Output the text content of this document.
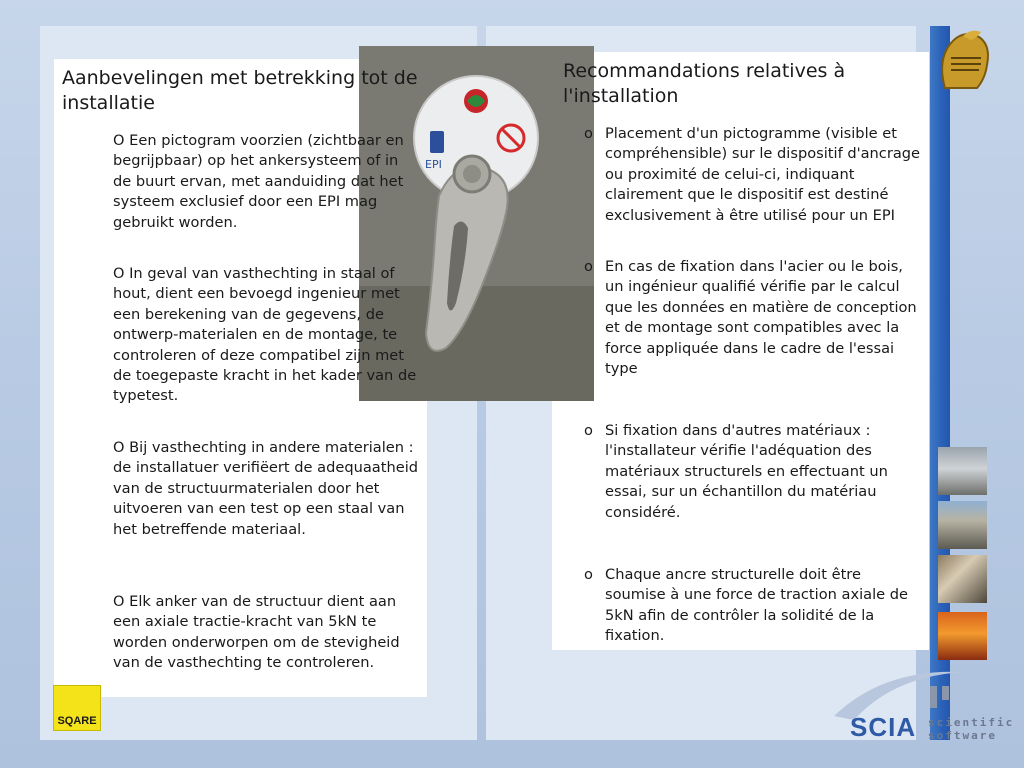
EPI
Aanbevelingen met betrekking tot de installatie

O Een pictogram voorzien (zichtbaar en begrijpbaar) op het ankersysteem of in de buurt ervan, met aanduiding dat het systeem exclusief door een EPI mag gebruikt worden.

O In geval van vasthechting in staal of hout, dient een bevoegd ingenieur met een berekening van de gegevens, de ontwerp-materialen en de montage, te controleren of deze compatibel zijn met de toegepaste kracht in het kader van de typetest.

O Bij vasthechting in andere materialen : de installatuer verifiëert de adequaatheid van de structuurmaterialen door het uitvoeren van een test op een staal van het betreffende materiaal.

O Elk anker van de structuur dient aan een axiale tractie-kracht van 5kN te worden onderworpen om de stevigheid van de vasthechting te controleren.

Recommandations relatives à l'installation
o Placement d'un pictogramme (visible et compréhensible) sur le dispositif d'ancrage ou proximité de celui-ci, indiquant clairement que le dispositif est destiné exclusivement à être utilisé pour un EPI
o En cas de fixation dans l'acier ou le bois, un ingénieur qualifié vérifie par le calcul que les données en matière de conception et de montage sont compatibles avec la force appliquée dans le cadre de l'essai type
o Si fixation dans d'autres matériaux : l'installateur vérifie l'adéquation des matériaux structurels en effectuant un essai, sur un échantillon du matériau considéré.
o Chaque ancre structurelle doit être soumise à une force de traction axiale de 5kN afin de contrôler la solidité de la fixation.
SQARE	SCIA scientific
software
